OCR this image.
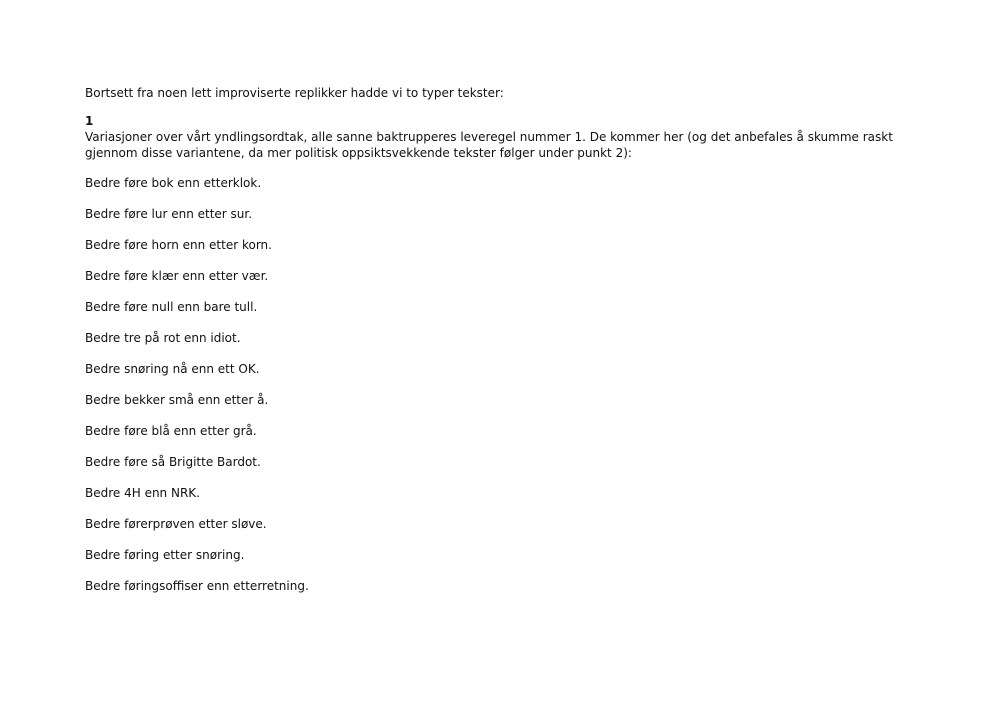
Bortsett fra noen lett improviserte replikker hadde vi to typer tekster:

1

Variasjoner over vårt yndlingsordtak, alle sanne baktrupperes leveregel nummer 1. De kommer her (og det anbefales å skumme raskt gjennom disse variantene, da mer politisk oppsiktsvekkende tekster følger under punkt 2):

Bedre føre bok enn etterklok.
Bedre føre lur enn etter sur.
Bedre føre horn enn etter korn.
Bedre føre klær enn etter vær.
Bedre føre null enn bare tull.
Bedre tre på rot enn idiot.
Bedre snøring nå enn ett OK.
Bedre bekker små enn etter å.
Bedre føre blå enn etter grå.
Bedre føre så Brigitte Bardot.
Bedre 4H enn NRK.
Bedre førerprøven etter sløve.
Bedre føring etter snøring.
Bedre føringsoffiser enn etterretning.
